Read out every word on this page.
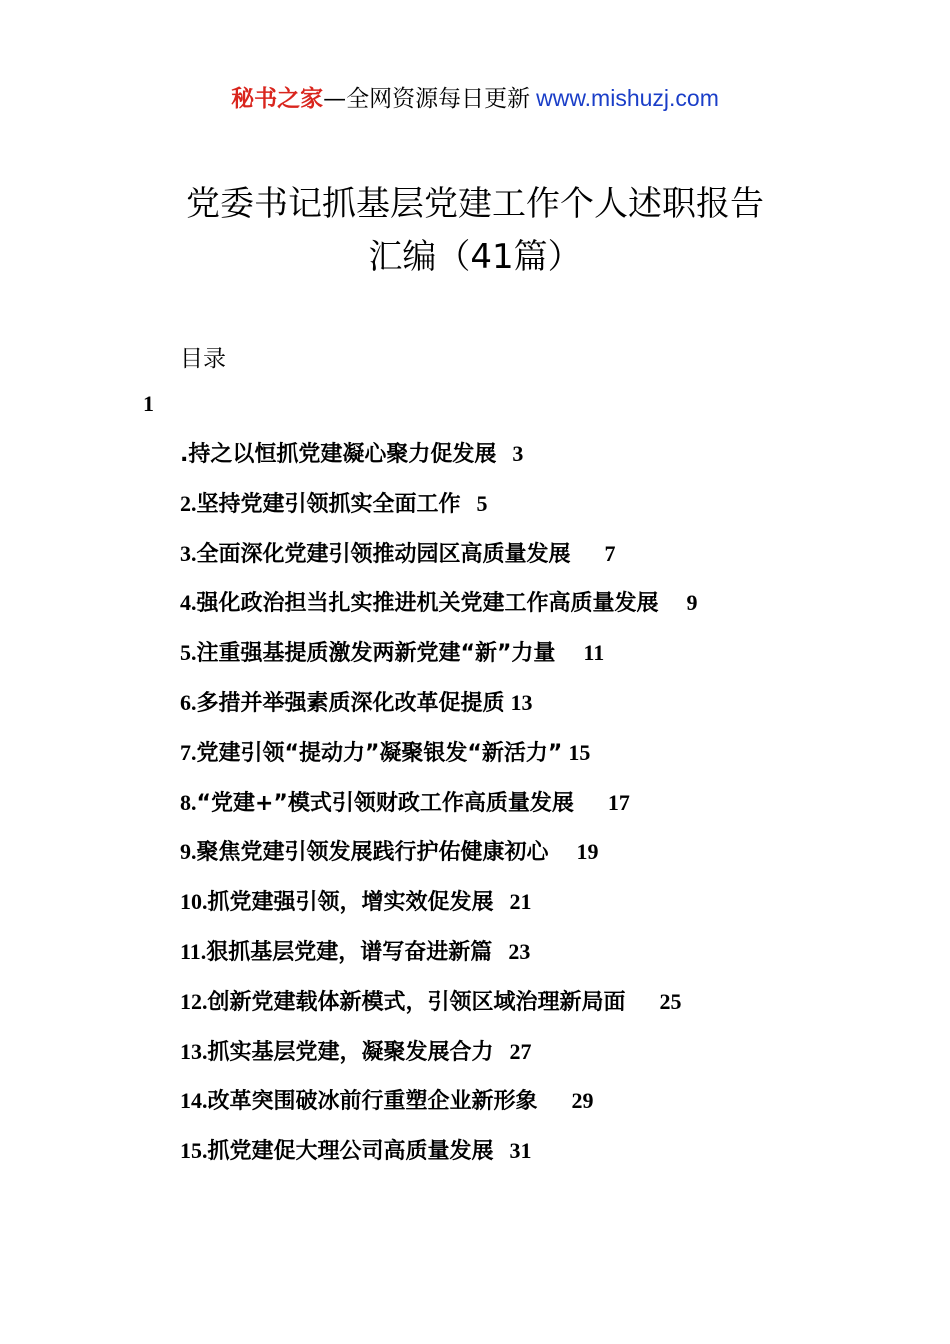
秘书之家—全网资源每日更新 www.mishuzj.com
党委书记抓基层党建工作个人述职报告
汇编（41篇）
目录
1
.持之以恒抓党建凝心聚力促发展 3
2. 坚持党建引领抓实全面工作 5
3. 全面深化党建引领推动园区高质量发展 7
4. 强化政治担当扎实推进机关党建工作高质量发展 9
5. 注重强基提质激发两新党建“新”力量 11
6. 多措并举强素质深化改革促提质 13
7. 党建引领“提动力”凝聚银发“新活力” 15
8. “党建+”模式引领财政工作高质量发展 17
9. 聚焦党建引领发展践行护佑健康初心 19
10. 抓党建强引领，增实效促发展 21
11. 狠抓基层党建，谱写奋进新篇 23
12. 创新党建载体新模式，引领区域治理新局面 25
13. 抓实基层党建，凝聚发展合力 27
14. 改革突围破冰前行重塑企业新形象 29
15. 抓党建促大理公司高质量发展 31
